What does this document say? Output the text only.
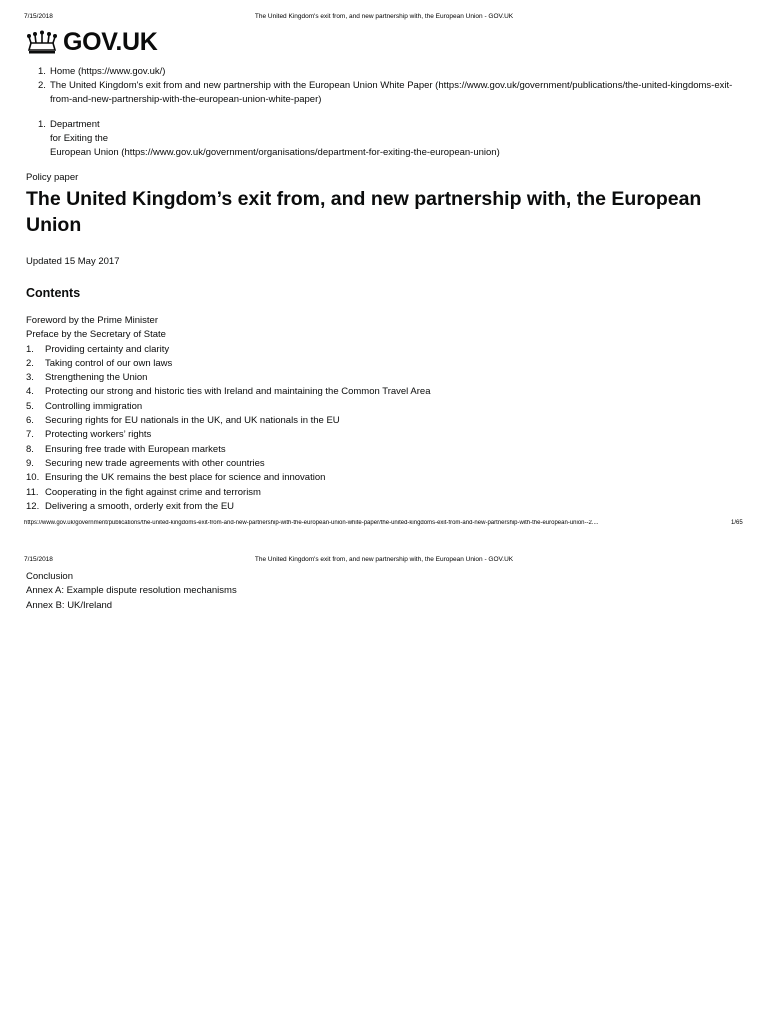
7/15/2018	The United Kingdom's exit from, and new partnership with, the European Union - GOV.UK
GOV.UK
1. Home (https://www.gov.uk/)
2. The United Kingdom's exit from and new partnership with the European Union White Paper (https://www.gov.uk/government/publications/the-united-kingdoms-exit-from-and-new-partnership-with-the-european-union-white-paper)
1. Department
for Exiting the
European Union (https://www.gov.uk/government/organisations/department-for-exiting-the-european-union)
Policy paper
The United Kingdom’s exit from, and new partnership with, the European Union
Updated 15 May 2017
Contents
Foreword by the Prime Minister
Preface by the Secretary of State
1. Providing certainty and clarity
2. Taking control of our own laws
3. Strengthening the Union
4. Protecting our strong and historic ties with Ireland and maintaining the Common Travel Area
5. Controlling immigration
6. Securing rights for EU nationals in the UK, and UK nationals in the EU
7. Protecting workers’ rights
8. Ensuring free trade with European markets
9. Securing new trade agreements with other countries
10. Ensuring the UK remains the best place for science and innovation
11. Cooperating in the fight against crime and terrorism
12. Delivering a smooth, orderly exit from the EU
https://www.gov.uk/government/publications/the-united-kingdoms-exit-from-and-new-partnership-with-the-european-union-white-paper/the-united-kingdoms-exit-from-and-new-partnership-with-the-european-union--2....	1/65
7/15/2018	The United Kingdom's exit from, and new partnership with, the European Union - GOV.UK
Conclusion
Annex A: Example dispute resolution mechanisms
Annex B: UK/Ireland
